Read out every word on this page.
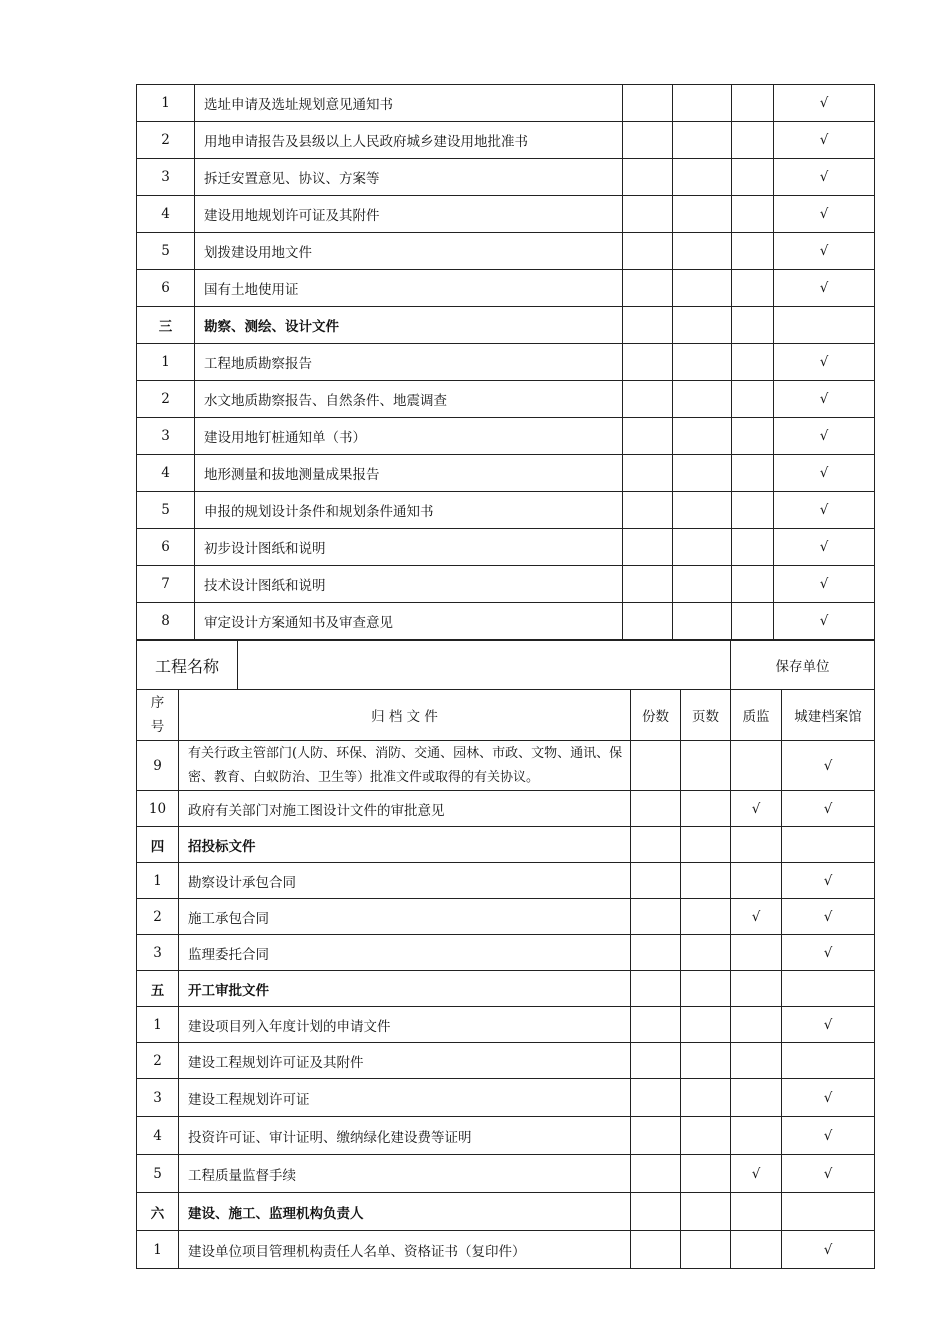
1	选址申请及选址规划意见通知书				√
2	用地申请报告及县级以上人民政府城乡建设用地批准书				√
3	拆迁安置意见、协议、方案等				√
4	建设用地规划许可证及其附件				√
5	划拨建设用地文件				√
6	国有土地使用证				√
三	勘察、测绘、设计文件				
1	工程地质勘察报告				√
2	水文地质勘察报告、自然条件、地震调查				√
3	建设用地钉桩通知单（书）				√
4	地形测量和拔地测量成果报告				√
5	申报的规划设计条件和规划条件通知书				√
6	初步设计图纸和说明				√
7	技术设计图纸和说明				√
8	审定设计方案通知书及审查意见				√
工程名称		保存单位
序
号	归 档 文 件	份数	页数	质监	城建档案馆
9	有关行政主管部门(人防、环保、消防、交通、园林、市政、文物、通讯、保密、教育、白蚁防治、卫生等）批准文件或取得的有关协议。				√
10	政府有关部门对施工图设计文件的审批意见			√	√
四	招投标文件				
1	勘察设计承包合同				√
2	施工承包合同			√	√
3	监理委托合同				√
五	开工审批文件				
1	建设项目列入年度计划的申请文件				√
2	建设工程规划许可证及其附件				
3	建设工程规划许可证				√
4	投资许可证、审计证明、缴纳绿化建设费等证明				√
5	工程质量监督手续			√	√
六	建设、施工、监理机构负责人				
1	建设单位项目管理机构责任人名单、资格证书（复印件）				√
